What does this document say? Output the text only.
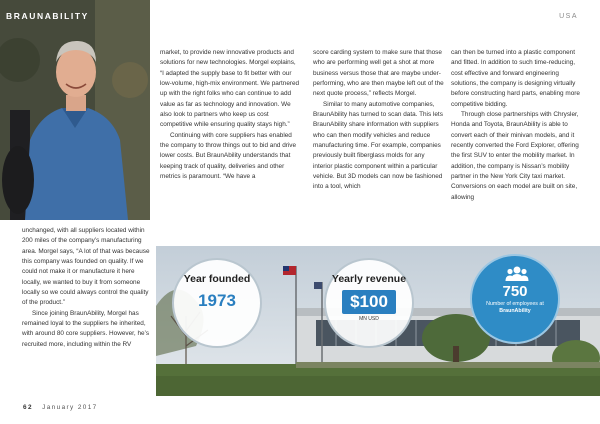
BRAUNABILITY	USA

market, to provide new innovative products and solutions for new technologies. Morgel explains, “I adapted the supply base to fit better with our low-volume, high-mix environment. We partnered up with the right folks who can continue to add value as far as technology and innovation. We also look to partners who keep us cost competitive while ensuring quality stays high.”

Continuing with core suppliers has enabled the company to throw things out to bid and drive lower costs. But BraunAbility understands that keeping track of quality, deliveries and other metrics is paramount. “We have a

score carding system to make sure that those who are performing well get a shot at more business versus those that are maybe under-performing, who are then maybe left out of the next quote process,” reflects Morgel.

Similar to many automotive companies, BraunAbility has turned to scan data. This lets BraunAbility share information with suppliers who can then modify vehicles and reduce manufacturing time. For example, companies previously built fiberglass molds for any interior plastic component within a particular vehicle. But 3D models can now be fashioned into a tool, which

can then be turned into a plastic component and fitted. In addition to such time-reducing, cost effective and forward engineering solutions, the company is designing virtually before constructing hard parts, enabling more competitive bidding.

Through close partnerships with Chrysler, Honda and Toyota, BraunAbility is able to convert each of their minivan models, and it recently converted the Ford Explorer, offering the first SUV to enter the mobility market. In addition, the company is Nissan’s mobility partner in the New York City taxi market. Conversions on each model are built on site, allowing

unchanged, with all suppliers located within 200 miles of the company’s manufacturing area. Morgel says, “A lot of that was because this company was founded on quality. If we could not make it or manufacture it here locally, we wanted to buy it from someone locally so we could always control the quality of the product.”

Since joining BraunAbility, Morgel has remained loyal to the suppliers he inherited, with around 80 core suppliers. However, he’s recruited more, including within the RV

Year founded
1973
Yearly revenue
$100
MN USD
750
Number of employees at BraunAbility
62 January 2017	www.braunability.com 63
